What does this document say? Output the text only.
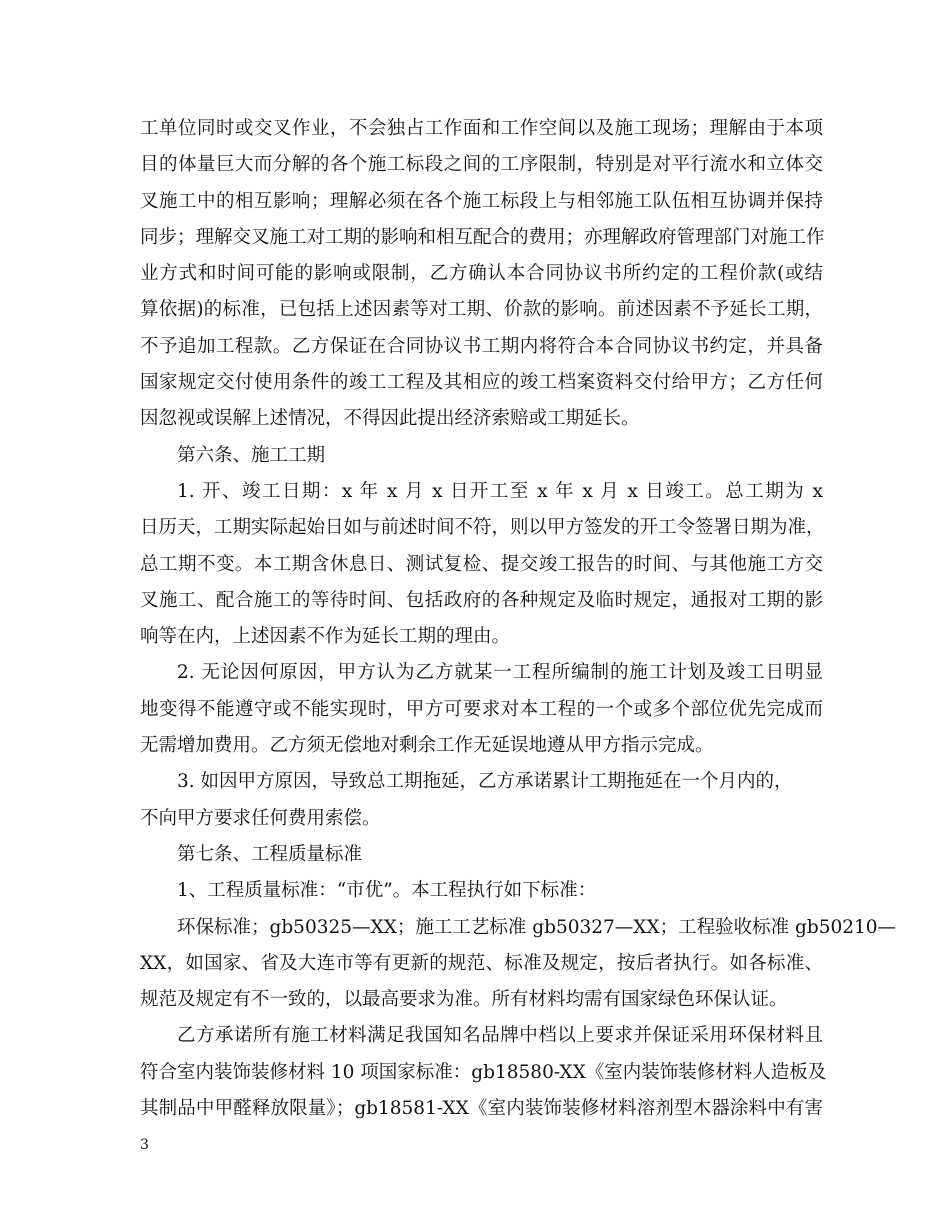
工单位同时或交叉作业，不会独占工作面和工作空间以及施工现场；理解由于本项
目的体量巨大而分解的各个施工标段之间的工序限制，特别是对平行流水和立体交
叉施工中的相互影响；理解必须在各个施工标段上与相邻施工队伍相互协调并保持
同步；理解交叉施工对工期的影响和相互配合的费用；亦理解政府管理部门对施工作
业方式和时间可能的影响或限制，乙方确认本合同协议书所约定的工程价款(或结
算依据)的标准，已包括上述因素等对工期、价款的影响。前述因素不予延长工期，
不予追加工程款。乙方保证在合同协议书工期内将符合本合同协议书约定，并具备
国家规定交付使用条件的竣工工程及其相应的竣工档案资料交付给甲方；乙方任何
因忽视或误解上述情况，不得因此提出经济索赔或工期延长。
第六条、施工工期
1. 开、竣工日期：x 年 x 月 x 日开工至 x 年 x 月 x 日竣工。总工期为 x
日历天，工期实际起始日如与前述时间不符，则以甲方签发的开工令签署日期为准，
总工期不变。本工期含休息日、测试复检、提交竣工报告的时间、与其他施工方交
叉施工、配合施工的等待时间、包括政府的各种规定及临时规定，通报对工期的影
响等在内，上述因素不作为延长工期的理由。
2. 无论因何原因，甲方认为乙方就某一工程所编制的施工计划及竣工日明显
地变得不能遵守或不能实现时，甲方可要求对本工程的一个或多个部位优先完成而
无需增加费用。乙方须无偿地对剩余工作无延误地遵从甲方指示完成。
3. 如因甲方原因，导致总工期拖延，乙方承诺累计工期拖延在一个月内的，
不向甲方要求任何费用索偿。
第七条、工程质量标准
1、工程质量标准：“市优”。本工程执行如下标准：
环保标准；gb50325—XX；施工工艺标准 gb50327—XX；工程验收标准 gb50210—
XX，如国家、省及大连市等有更新的规范、标准及规定，按后者执行。如各标准、
规范及规定有不一致的，以最高要求为准。所有材料均需有国家绿色环保认证。
乙方承诺所有施工材料满足我国知名品牌中档以上要求并保证采用环保材料且
符合室内装饰装修材料 10 项国家标准：gb18580-XX《室内装饰装修材料人造板及
其制品中甲醛释放限量》；gb18581-XX《室内装饰装修材料溶剂型木器涂料中有害
3
